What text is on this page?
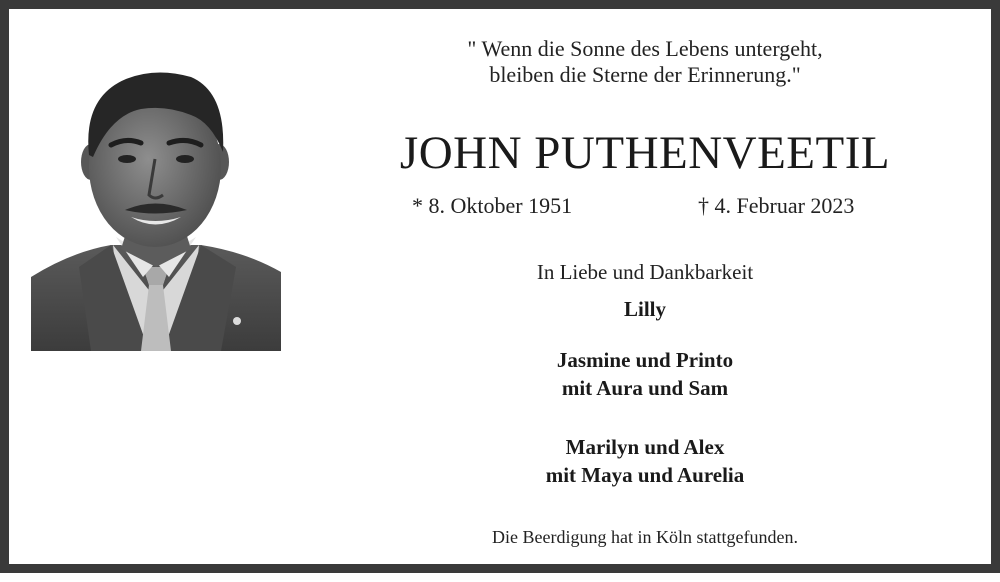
" Wenn die Sonne des Lebens untergeht,
bleiben die Sterne der Erinnerung."
JOHN PUTHENVEETIL
* 8. Oktober 1951	† 4. Februar 2023
In Liebe und Dankbarkeit
Lilly
Jasmine und Printo
mit Aura und Sam
Marilyn und Alex
mit Maya und Aurelia
Die Beerdigung hat in Köln stattgefunden.
